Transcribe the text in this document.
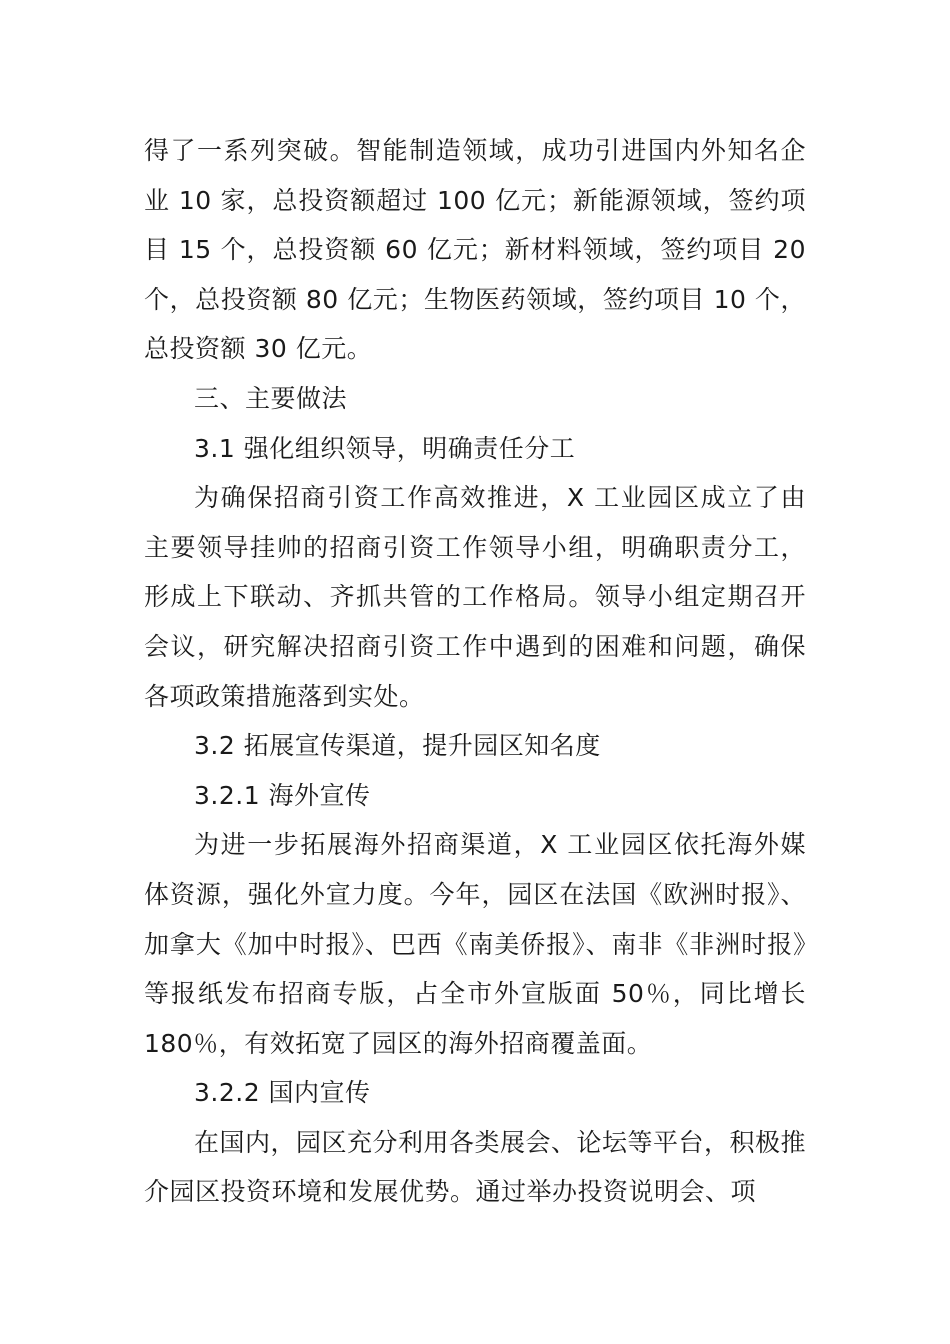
得了一系列突破。智能制造领域，成功引进国内外知名企业 10 家，总投资额超过 100 亿元；新能源领域，签约项目 15 个，总投资额 60 亿元；新材料领域，签约项目 20 个，总投资额 80 亿元；生物医药领域，签约项目 10 个，总投资额 30 亿元。

三、主要做法

3.1 强化组织领导，明确责任分工

为确保招商引资工作高效推进，X 工业园区成立了由主要领导挂帅的招商引资工作领导小组，明确职责分工，形成上下联动、齐抓共管的工作格局。领导小组定期召开会议，研究解决招商引资工作中遇到的困难和问题，确保各项政策措施落到实处。

3.2 拓展宣传渠道，提升园区知名度

3.2.1 海外宣传

为进一步拓展海外招商渠道，X 工业园区依托海外媒体资源，强化外宣力度。今年，园区在法国《欧洲时报》、加拿大《加中时报》、巴西《南美侨报》、南非《非洲时报》等报纸发布招商专版，占全市外宣版面 50％，同比增长 180％，有效拓宽了园区的海外招商覆盖面。

3.2.2 国内宣传

在国内，园区充分利用各类展会、论坛等平台，积极推介园区投资环境和发展优势。通过举办投资说明会、项
